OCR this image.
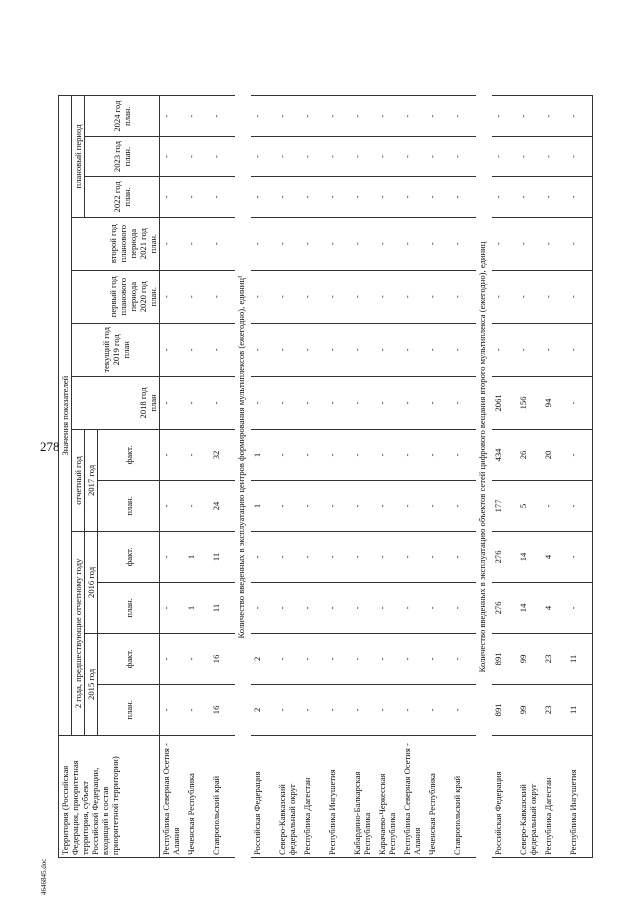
278
4646845.doc
	Территория (Российская Федерация, приоритетная территория, субъект Российской Федерации, входящий в состав приоритетной территории)	Значения показателей													
		2 года, предшествующие отчетному году				отчетный год		2018 год план	текущий год 2019 год план	первый год планового периода 2020 год план.	второй год планового периода 2021 год план.	плановый период			
		2015 год		2016 год		2017 год						2022 год план.	2023 год план.	2024 год план.	
		план.	факт.	план.	факт.	план.	факт.								
	Республика Северная Осетия - Алания	-	-	-	-	-	-	-	-	-	-	-	-	-	
	Чеченская Республика	-	-	1	1	-	-	-	-	-	-	-	-	-	
	Ставропольский край	16	16	11	11	24	32	-	-	-	-	-	-	-	
Количество введенных в эксплуатацию центров формирования мультиплексов (ежегодно), единиц¹															
	Российская Федерация	2	2	-	-	1	1	-	-	-	-	-	-	-	
	Северо-Кавказский федеральный округ	-	-	-	-	-	-	-	-	-	-	-	-	-	
	Республика Дагестан	-	-	-	-	-	-	-	-	-	-	-	-	-	
	Республика Ингушетия	-	-	-	-	-	-	-	-	-	-	-	-	-	
	Кабардино-Балкарская Республика	-	-	-	-	-	-	-	-	-	-	-	-	-	
	Карачаево-Черкесская Республика	-	-	-	-	-	-	-	-	-	-	-	-	-	
	Республика Северная Осетия - Алания	-	-	-	-	-	-	-	-	-	-	-	-	-	
	Чеченская Республика	-	-	-	-	-	-	-	-	-	-	-	-	-	
	Ставропольский край	-	-	-	-	-	-	-	-	-	-	-	-	-	
Количество введенных в эксплуатацию объектов сетей цифрового вещания второго мультиплекса (ежегодно), единиц															
	Российская Федерация	891	891	276	276	177	434	2061	-	-	-	-	-	-	
	Северо-Кавказский федеральный округ	99	99	14	14	5	26	156	-	-	-	-	-	-	
	Республика Дагестан	23	23	4	4	-	20	94	-	-	-	-	-	-	
	Республика Ингушетия	11	11	-	-	-	-	-	-	-	-	-	-	-	
